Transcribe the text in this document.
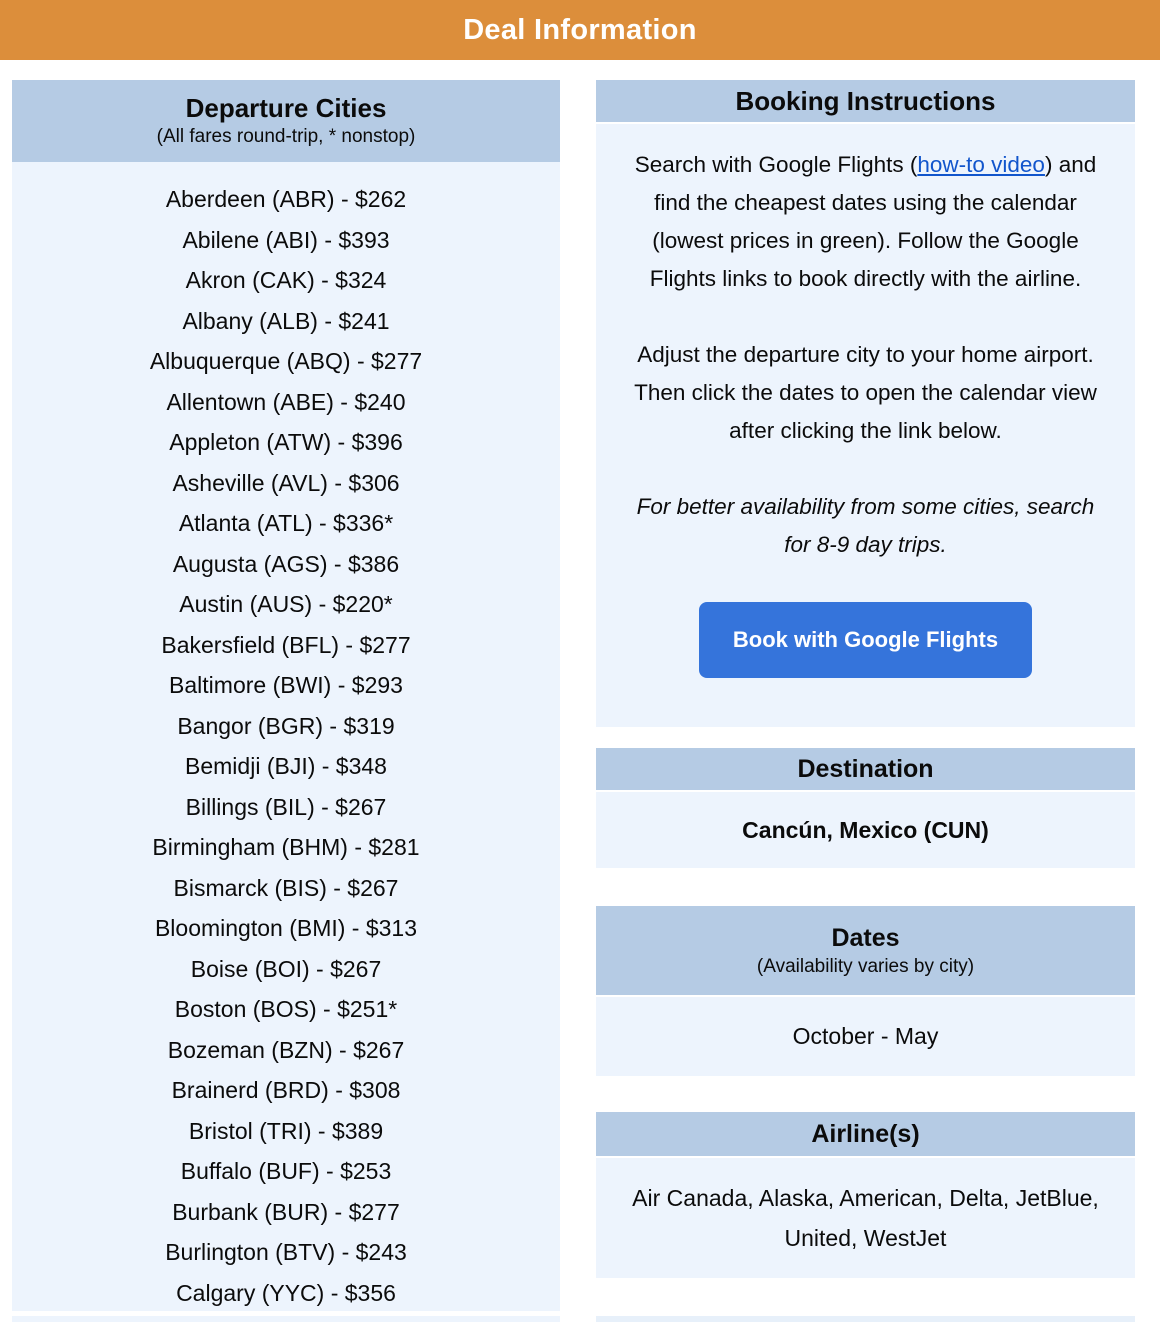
Deal Information
Departure Cities
(All fares round-trip, * nonstop)
Aberdeen (ABR) - $262
Abilene (ABI) - $393
Akron (CAK) - $324
Albany (ALB) - $241
Albuquerque (ABQ) - $277
Allentown (ABE) - $240
Appleton (ATW) - $396
Asheville (AVL) - $306
Atlanta (ATL) - $336*
Augusta (AGS) - $386
Austin (AUS) - $220*
Bakersfield (BFL) - $277
Baltimore (BWI) - $293
Bangor (BGR) - $319
Bemidji (BJI) - $348
Billings (BIL) - $267
Birmingham (BHM) - $281
Bismarck (BIS) - $267
Bloomington (BMI) - $313
Boise (BOI) - $267
Boston (BOS) - $251*
Bozeman (BZN) - $267
Brainerd (BRD) - $308
Bristol (TRI) - $389
Buffalo (BUF) - $253
Burbank (BUR) - $277
Burlington (BTV) - $243
Calgary (YYC) - $356
Booking Instructions

Search with Google Flights (how-to video) and find the cheapest dates using the calendar (lowest prices in green). Follow the Google Flights links to book directly with the airline.

Adjust the departure city to your home airport. Then click the dates to open the calendar view after clicking the link below.

For better availability from some cities, search for 8-9 day trips.

Book with Google Flights
Destination
Cancún, Mexico (CUN)
Dates
(Availability varies by city)
October - May
Airline(s)
Air Canada, Alaska, American, Delta, JetBlue, United, WestJet
